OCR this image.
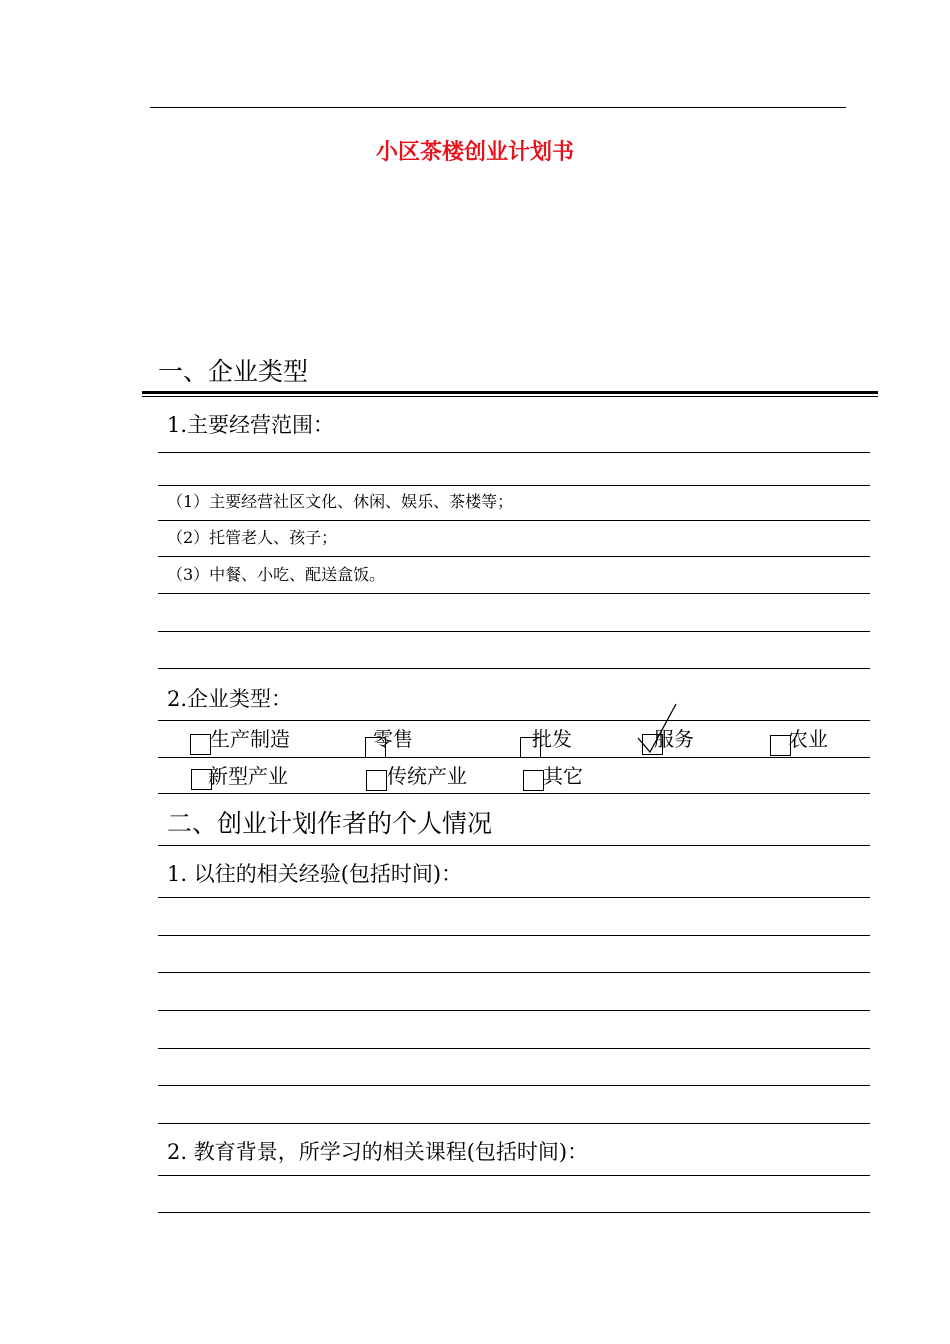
小区茶楼创业计划书
一、企业类型
1.主要经营范围：
（1）主要经营社区文化、休闲、娱乐、茶楼等；
（2）托管老人、孩子；
（3）中餐、小吃、配送盒饭。
2.企业类型：
生产制造	零售	批发	服务	农业
新型产业	传统产业	其它
二、创业计划作者的个人情况
1. 以往的相关经验(包括时间)：
2. 教育背景，所学习的相关课程(包括时间)：
